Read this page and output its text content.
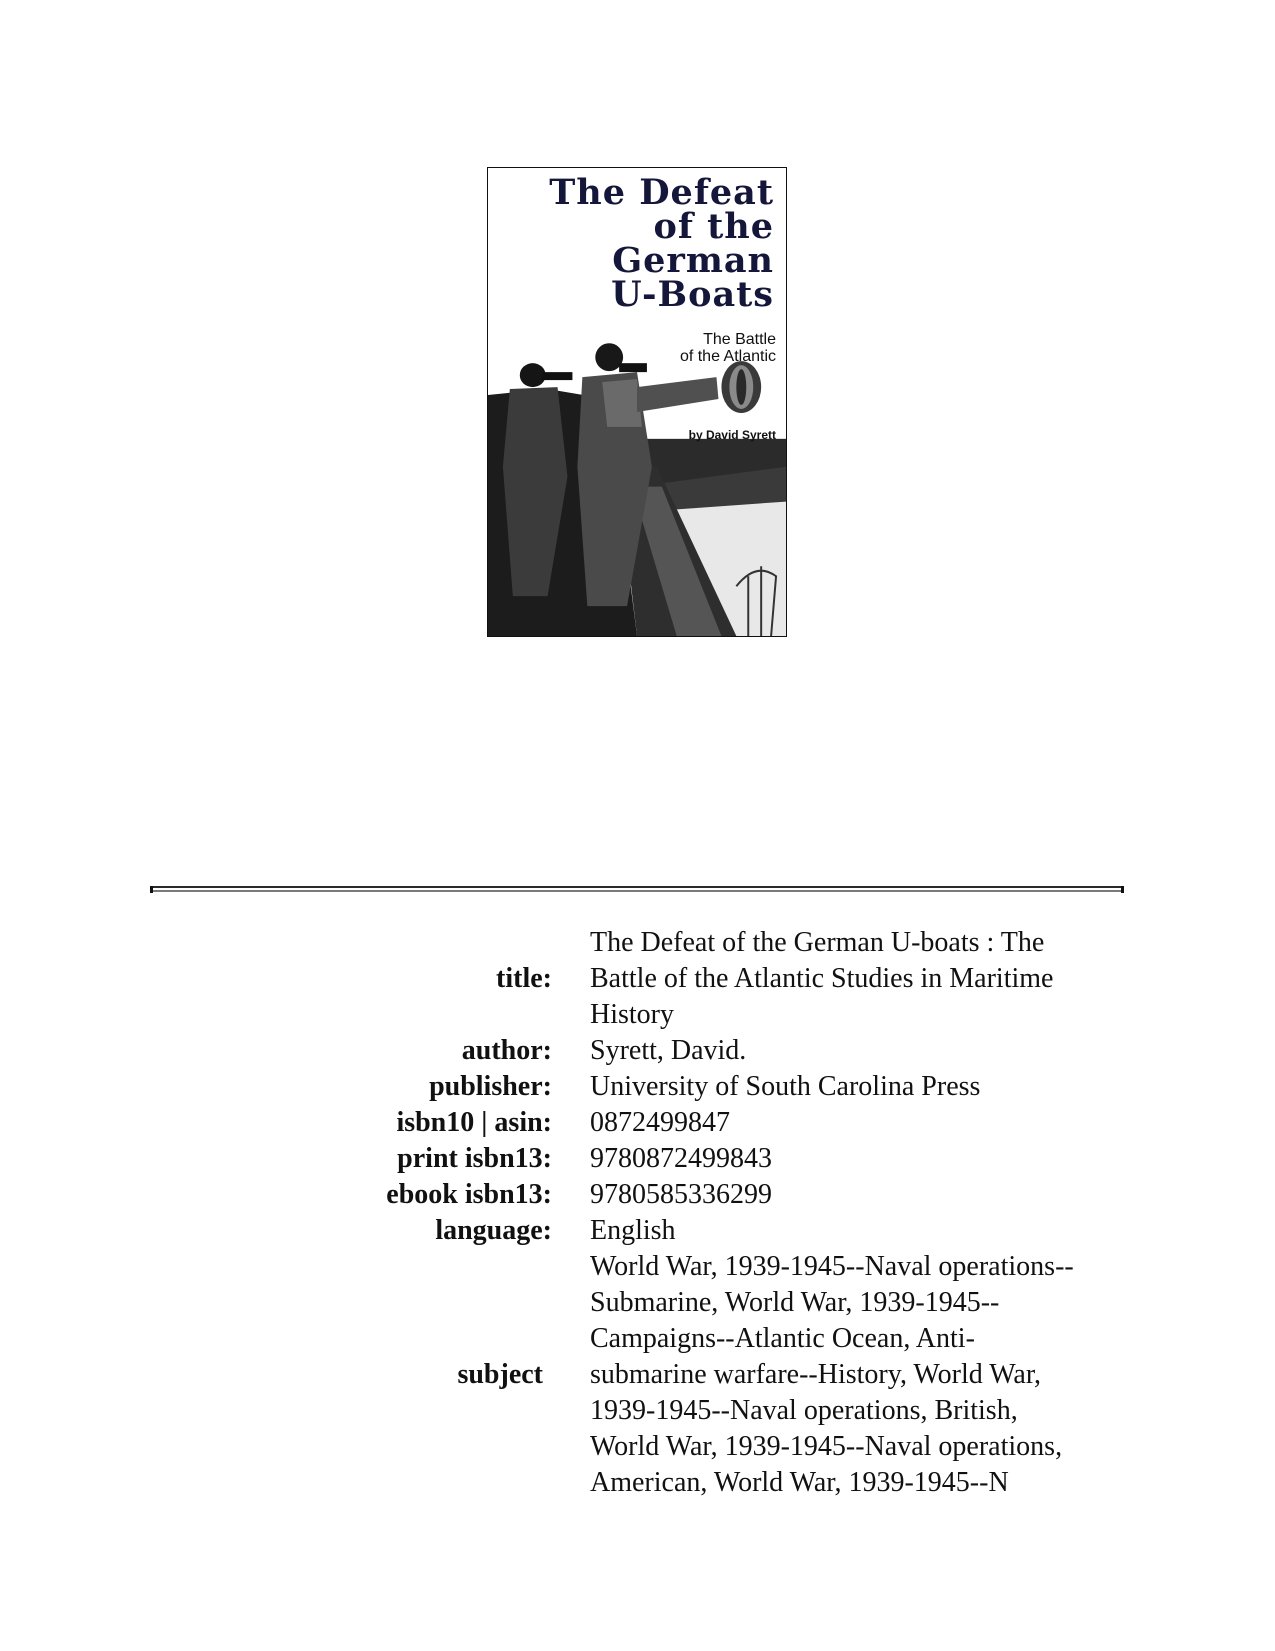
The Defeat
of the
German
U-Boats
The Battle
of the Atlantic
by David Syrett
title:
The Defeat of the German U-boats : The
Battle of the Atlantic Studies in Maritime
History
author: Syrett, David.
publisher: University of South Carolina Press
isbn10 | asin: 0872499847
print isbn13: 9780872499843
ebook isbn13: 9780585336299
language: English
subject
World War, 1939-1945--Naval operations--
Submarine, World War, 1939-1945--
Campaigns--Atlantic Ocean, Anti-
submarine warfare--History, World War,
1939-1945--Naval operations, British,
World War, 1939-1945--Naval operations,
American, World War, 1939-1945--N
